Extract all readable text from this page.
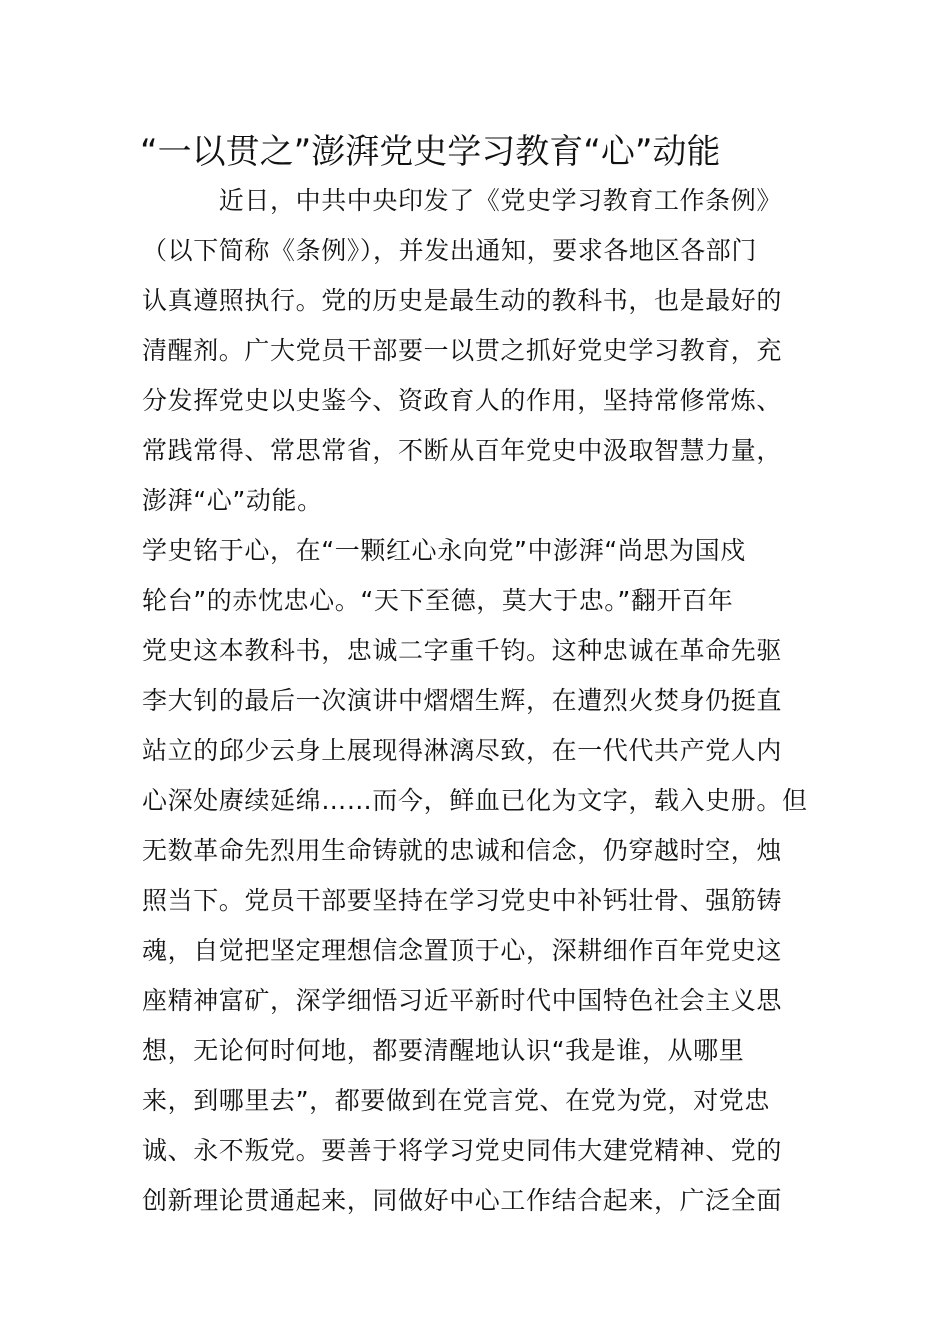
“一以贯之”澎湃党史学习教育“心”动能
　　　近日，中共中央印发了《党史学习教育工作条例》
（以下简称《条例》），并发出通知，要求各地区各部门
认真遵照执行。党的历史是最生动的教科书，也是最好的
清醒剂。广大党员干部要一以贯之抓好党史学习教育，充
分发挥党史以史鉴今、资政育人的作用，坚持常修常炼、
常践常得、常思常省，不断从百年党史中汲取智慧力量，
澎湃“心”动能。
学史铭于心，在“一颗红心永向党”中澎湃“尚思为国戍
轮台”的赤忱忠心。“天下至德，莫大于忠。”翻开百年
党史这本教科书，忠诚二字重千钧。这种忠诚在革命先驱
李大钊的最后一次演讲中熠熠生辉，在遭烈火焚身仍挺直
站立的邱少云身上展现得淋漓尽致，在一代代共产党人内
心深处赓续延绵……而今，鲜血已化为文字，载入史册。但
无数革命先烈用生命铸就的忠诚和信念，仍穿越时空，烛
照当下。党员干部要坚持在学习党史中补钙壮骨、强筋铸
魂，自觉把坚定理想信念置顶于心，深耕细作百年党史这
座精神富矿，深学细悟习近平新时代中国特色社会主义思
想，无论何时何地，都要清醒地认识“我是谁，从哪里
来，到哪里去”，都要做到在党言党、在党为党，对党忠
诚、永不叛党。要善于将学习党史同伟大建党精神、党的
创新理论贯通起来，同做好中心工作结合起来，广泛全面
